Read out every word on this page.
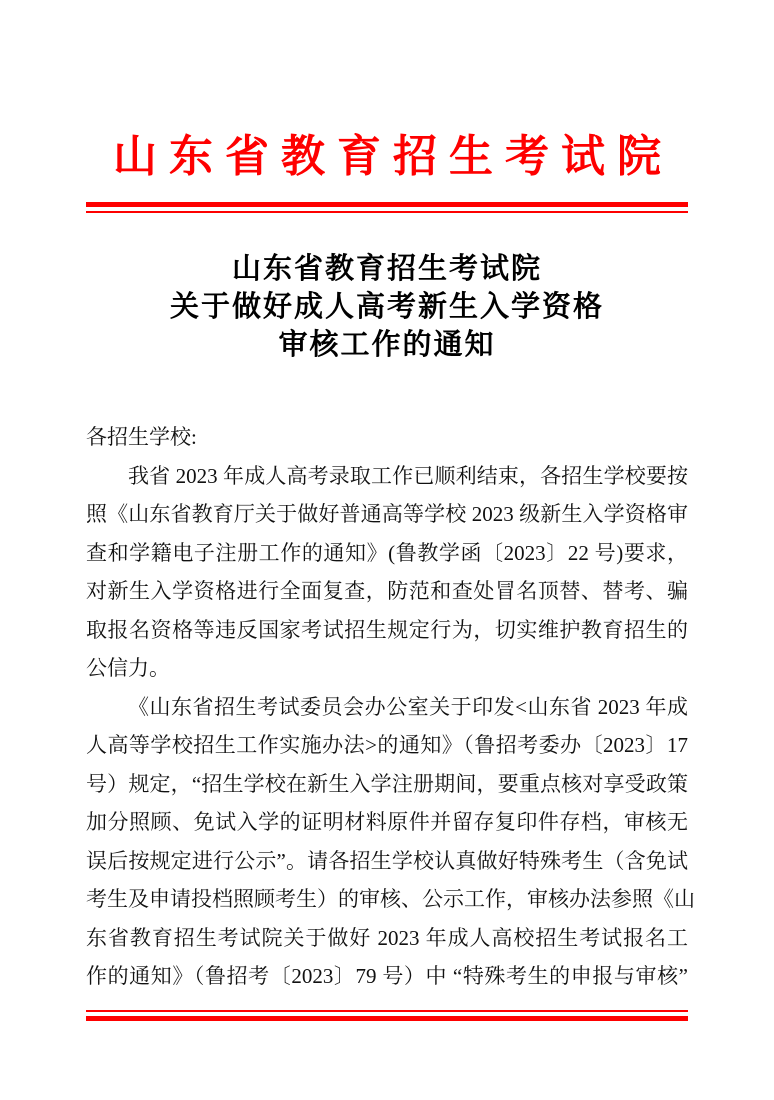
山东省教育招生考试院
山东省教育招生考试院
关于做好成人高考新生入学资格
审核工作的通知
各招生学校:
我省 2023 年成人高考录取工作已顺利结束，各招生学校要按
照《山东省教育厅关于做好普通高等学校 2023 级新生入学资格审
查和学籍电子注册工作的通知》(鲁教学函〔2023〕22 号)要求，
对新生入学资格进行全面复查，防范和查处冒名顶替、替考、骗
取报名资格等违反国家考试招生规定行为，切实维护教育招生的
公信力。
《山东省招生考试委员会办公室关于印发<山东省 2023 年成
人高等学校招生工作实施办法>的通知》（鲁招考委办〔2023〕17
号）规定，“招生学校在新生入学注册期间，要重点核对享受政策
加分照顾、免试入学的证明材料原件并留存复印件存档，审核无
误后按规定进行公示”。请各招生学校认真做好特殊考生（含免试
考生及申请投档照顾考生）的审核、公示工作，审核办法参照《山
东省教育招生考试院关于做好 2023 年成人高校招生考试报名工
作的通知》（鲁招考〔2023〕79 号）中 “特殊考生的申报与审核”
